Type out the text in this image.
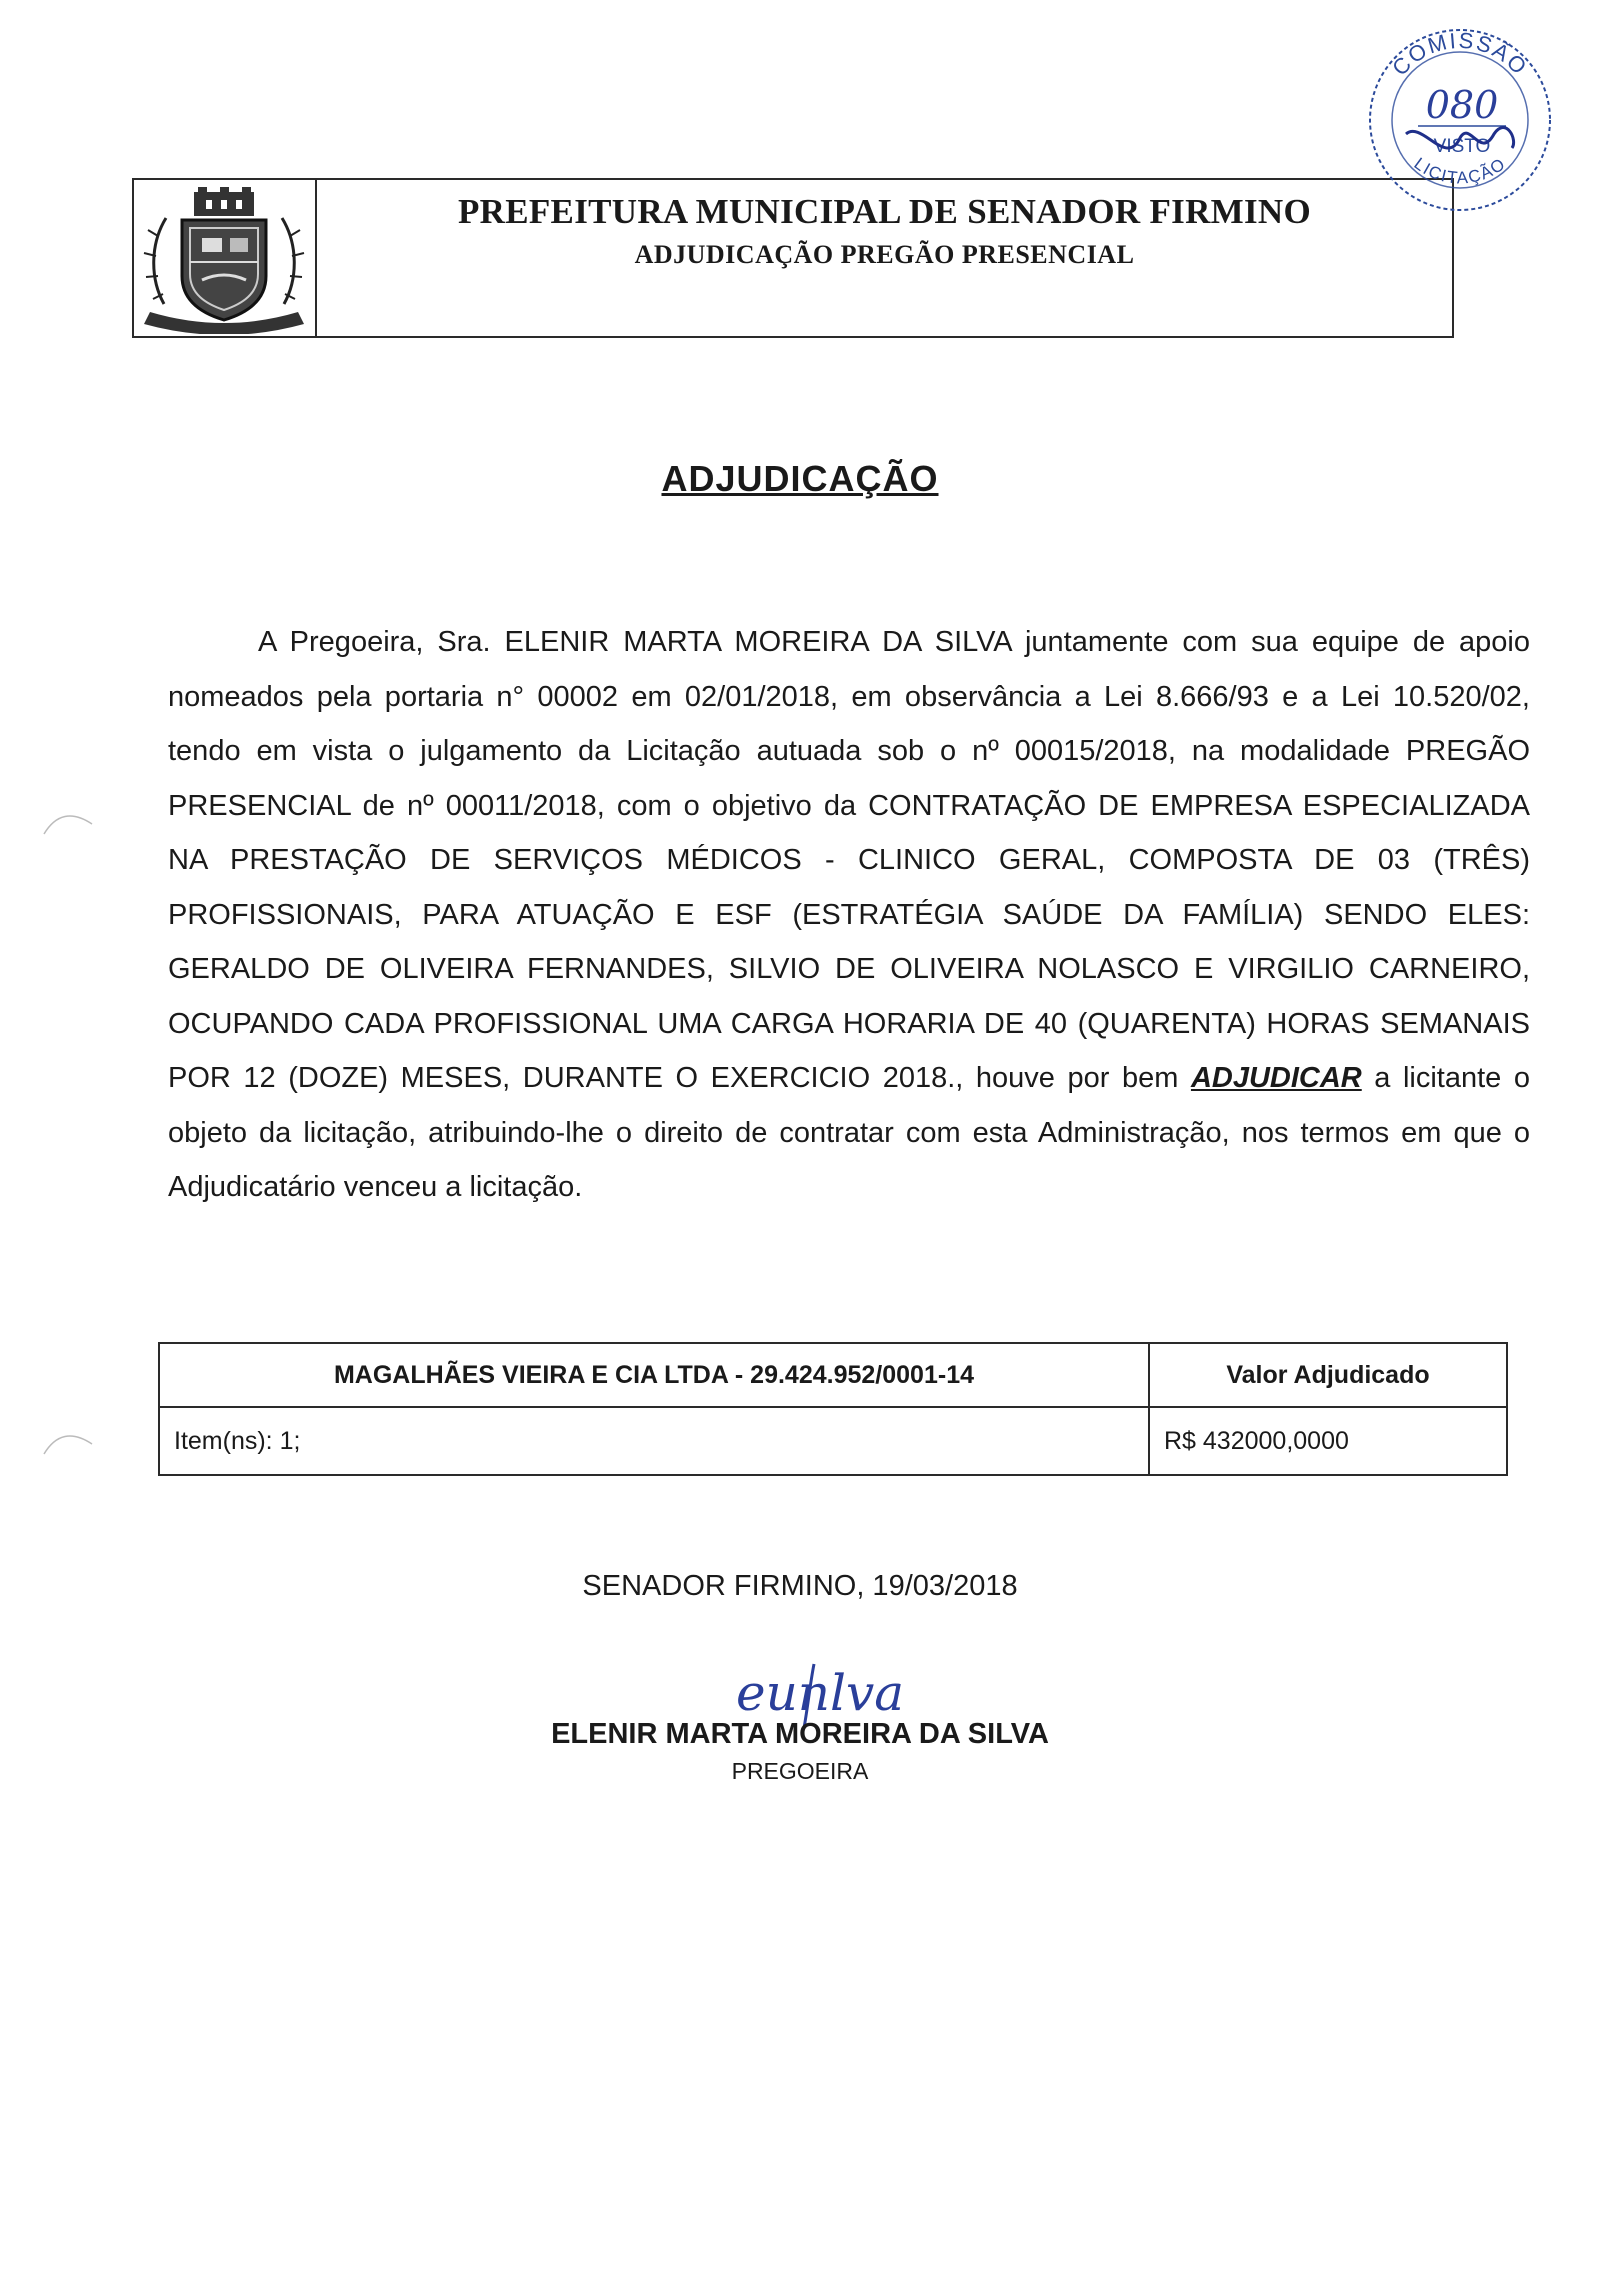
PREFEITURA MUNICIPAL DE SENADOR FIRMINO
ADJUDICAÇÃO PREGÃO PRESENCIAL
COMISSÃO
LICITAÇÃO
080
VISTO
ADJUDICAÇÃO
A Pregoeira, Sra. ELENIR MARTA MOREIRA DA SILVA juntamente com sua equipe de apoio nomeados pela portaria n° 00002 em 02/01/2018, em observância a Lei 8.666/93 e a Lei 10.520/02, tendo em vista o julgamento da Licitação autuada sob o nº 00015/2018, na modalidade PREGÃO PRESENCIAL de nº 00011/2018, com o objetivo da CONTRATAÇÃO DE EMPRESA ESPECIALIZADA NA PRESTAÇÃO DE SERVIÇOS MÉDICOS - CLINICO GERAL, COMPOSTA DE 03 (TRÊS) PROFISSIONAIS, PARA ATUAÇÃO E ESF (ESTRATÉGIA SAÚDE DA FAMÍLIA) SENDO ELES: GERALDO DE OLIVEIRA FERNANDES, SILVIO DE OLIVEIRA NOLASCO E VIRGILIO CARNEIRO, OCUPANDO CADA PROFISSIONAL UMA CARGA HORARIA DE 40 (QUARENTA) HORAS SEMANAIS POR 12 (DOZE) MESES, DURANTE O EXERCICIO 2018., houve por bem ADJUDICAR a licitante o objeto da licitação, atribuindo-lhe o direito de contratar com esta Administração, nos termos em que o Adjudicatário venceu a licitação.
MAGALHÃES VIEIRA E CIA LTDA - 29.424.952/0001-14	Valor Adjudicado
Item(ns): 1;	R$ 432000,0000
SENADOR FIRMINO, 19/03/2018
eunlva
ELENIR MARTA MOREIRA DA SILVA
PREGOEIRA
